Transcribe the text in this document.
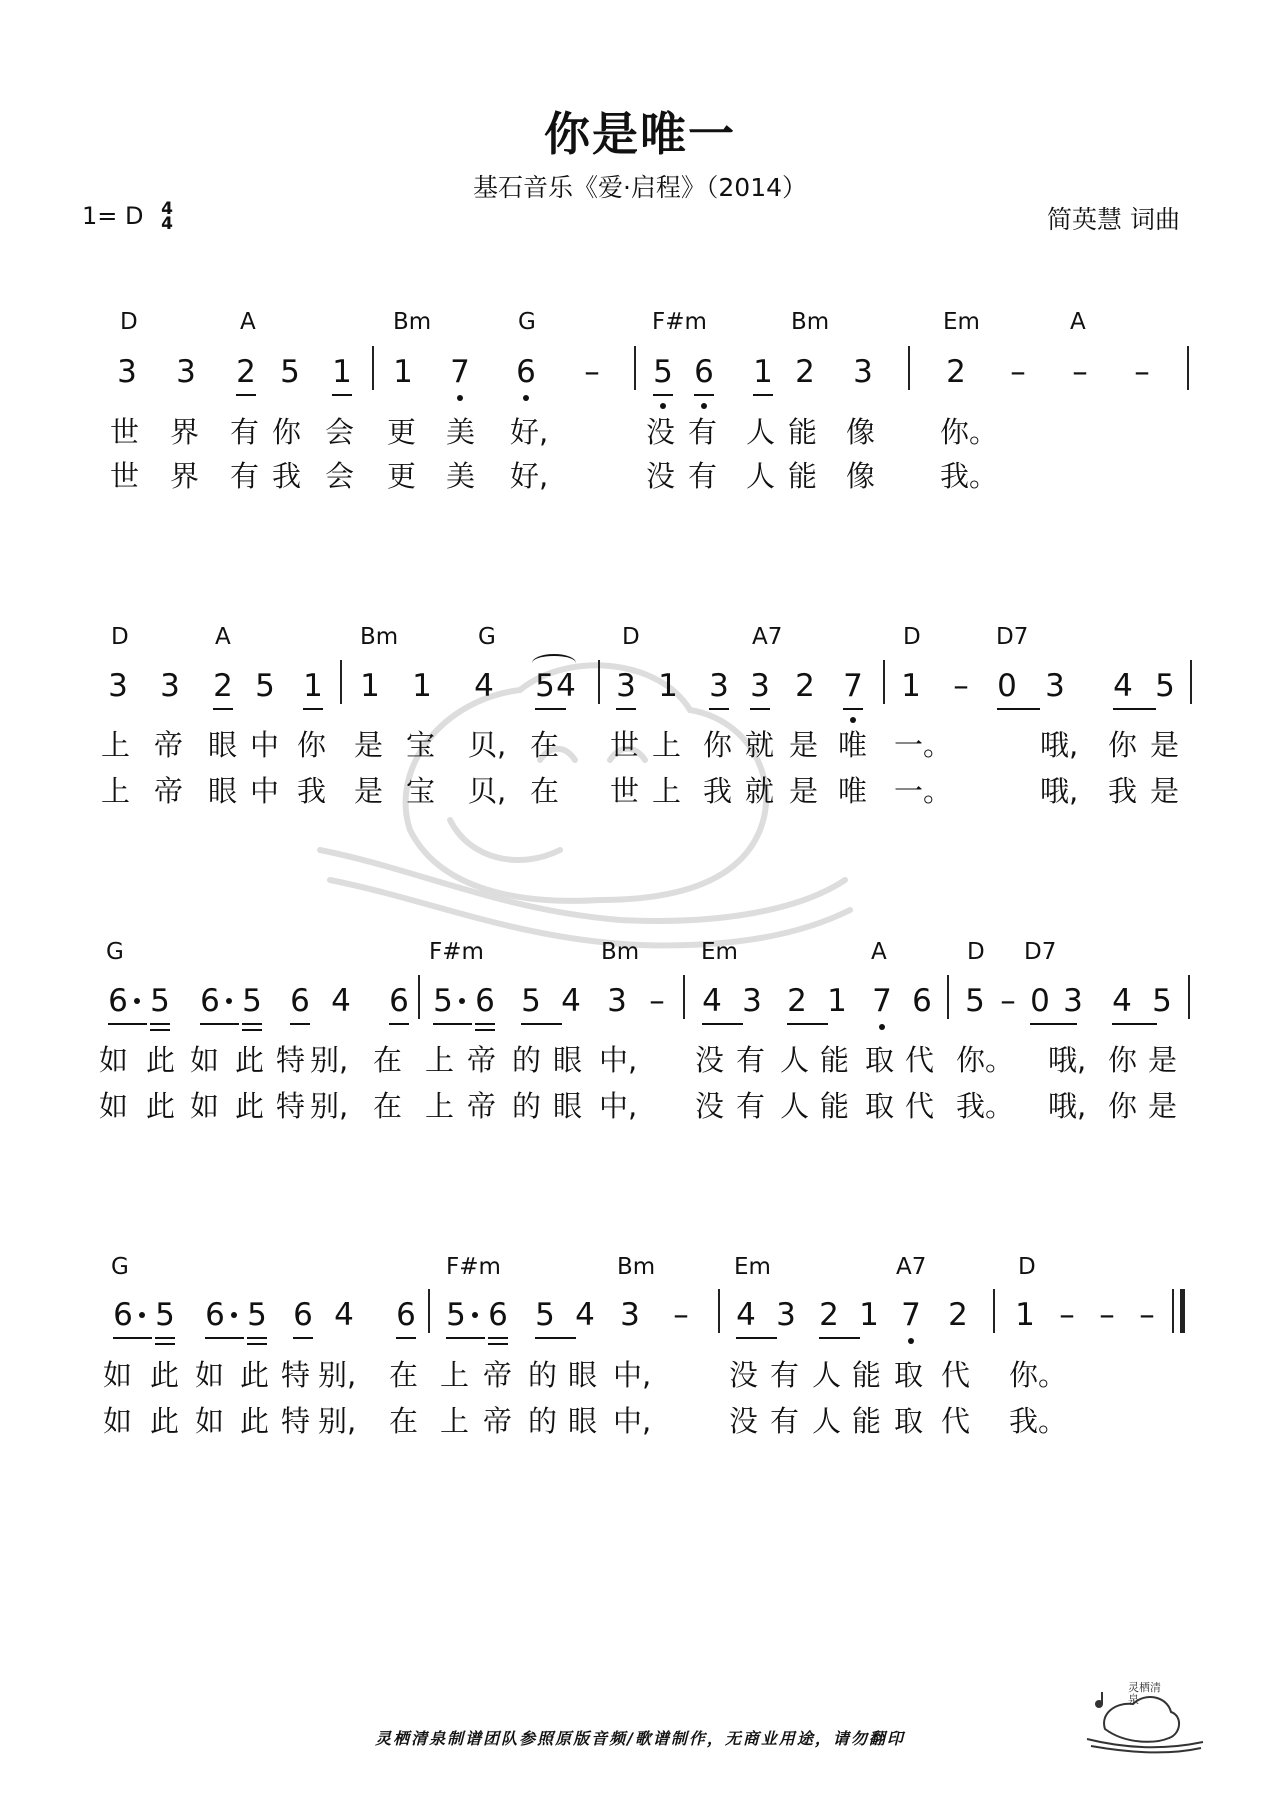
你是唯一
基石音乐《爱·启程》（2014）
1= D 4
4	简英慧 词曲
D	A	Bm	G	F#m	Bm	Em	A
3 3 2 5 1 1 7 6 – 5 6 1 2 3 2 – – –
世 界 有 你 会 更 美 好,	没 有 人 能 像 你。
世 界 有 我 会 更 美 好,	没 有 人 能 像 我。
D	A	Bm	G	D	A7	D	D7
3 3 2 5 1 1 1 4 5 4 3 1 3 3 2 7 1 – 0 3 4 5
上 帝 眼 中 你 是 宝 贝, 在 世 上 你 就 是 唯 一。	哦, 你 是
上 帝 眼 中 我 是 宝 贝, 在 世 上 我 就 是 唯 一。	哦, 我 是
G	F#m	Bm	Em	A	D D7
6 5 6 5 6 4 6 5 6 5 4 3 – 4 3 2 1 7 6 5 – 0 3 4 5
如 此 如 此 特 别, 在 上 帝 的 眼 中, 没 有 人 能 取 代 你。 哦, 你 是
如 此 如 此 特 别, 在 上 帝 的 眼 中, 没 有 人 能 取 代 我。 哦, 你 是
G	F#m	Bm	Em	A7	D
6 5 6 5 6 4 6 5 6 5 4 3 – 4 3 2 1 7 2 1 – – –
如 此 如 此 特 别, 在 上 帝 的 眼 中,	没 有 人 能 取 代 你。
如 此 如 此 特 别, 在 上 帝 的 眼 中,	没 有 人 能 取 代 我。
灵栖清泉制谱团队参照原版音频/歌谱制作，无商业用途，请勿翻印
灵栖清泉
